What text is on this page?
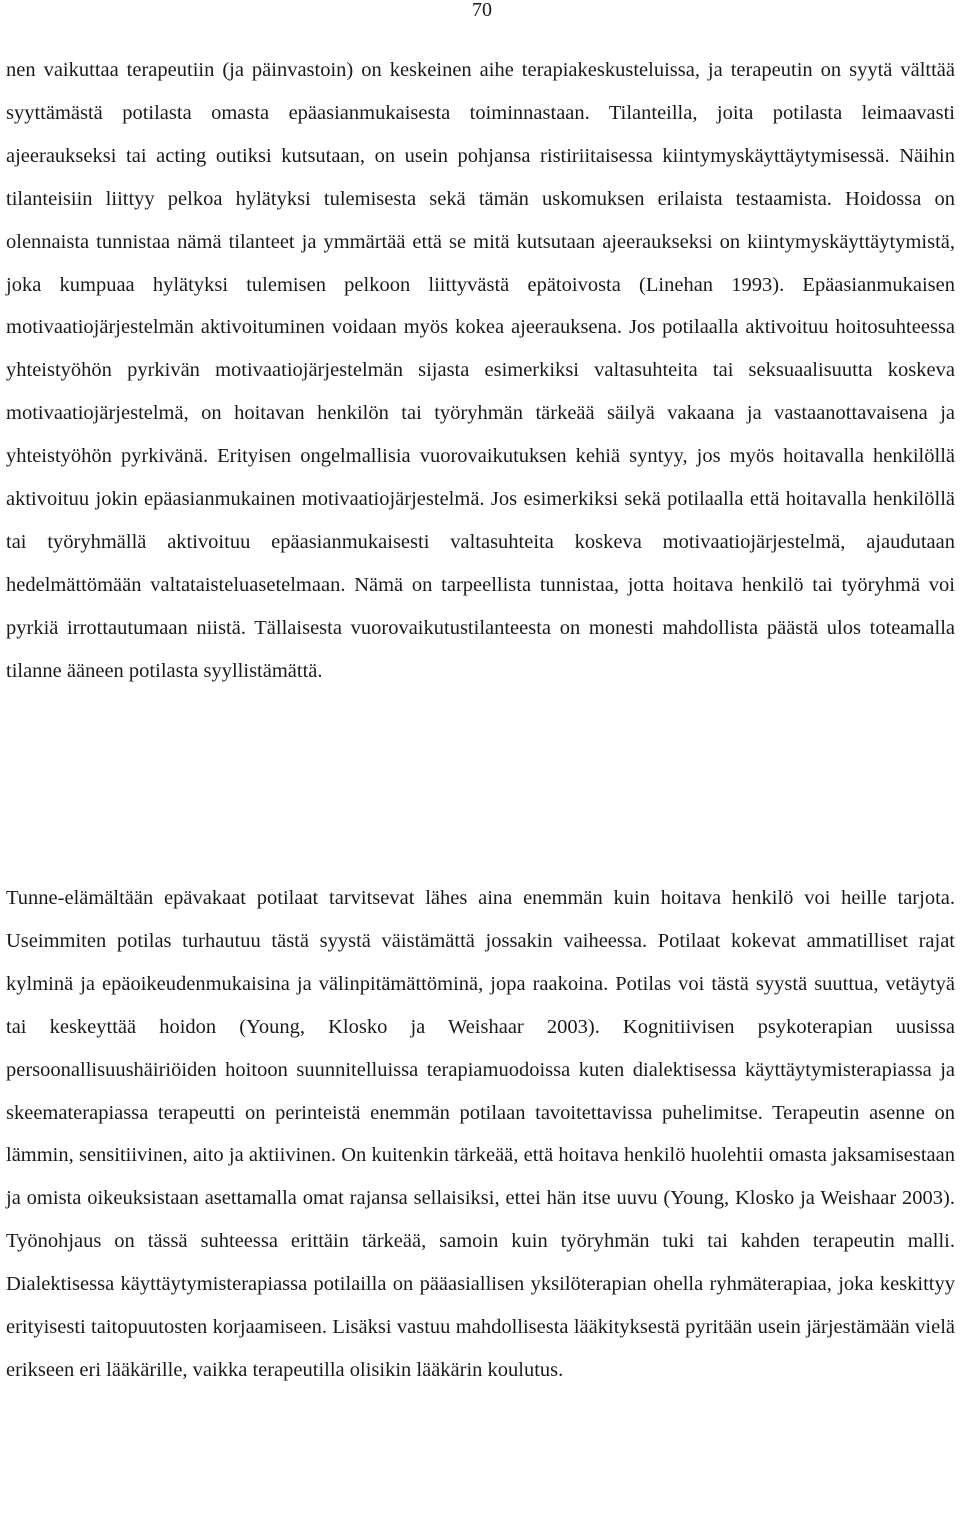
70

nen vaikuttaa terapeutiin (ja päinvastoin) on keskeinen aihe terapiakeskusteluissa, ja terapeutin on syytä välttää syyttämästä potilasta omasta epäasianmukaisesta toiminnastaan. Tilanteilla, joita potilasta leimaavasti ajeeraukseksi tai acting outiksi kutsutaan, on usein pohjansa ristiriitaisessa kiintymyskäyttäytymisessä. Näihin tilanteisiin liittyy pelkoa hylätyksi tulemisesta sekä tämän uskomuksen erilaista testaamista. Hoidossa on olennaista tunnistaa nämä tilanteet ja ymmärtää että se mitä kutsutaan ajeeraukseksi on kiintymyskäyttäytymistä, joka kumpuaa hylätyksi tulemisen pelkoon liittyvästä epätoivosta (Linehan 1993). Epäasianmukaisen motivaatiojärjestelmän aktivoituminen voidaan myös kokea ajeerauksena. Jos potilaalla aktivoituu hoitosuhteessa yhteistyöhön pyrkivän motivaatiojärjestelmän sijasta esimerkiksi valtasuhteita tai seksuaalisuutta koskeva motivaatiojärjestelmä, on hoitavan henkilön tai työryhmän tärkeää säilyä vakaana ja vastaanottavaisena ja yhteistyöhön pyrkivänä. Erityisen ongelmallisia vuorovaikutuksen kehiä syntyy, jos myös hoitavalla henkilöllä aktivoituu jokin epäasianmukainen motivaatiojärjestelmä. Jos esimerkiksi sekä potilaalla että hoitavalla henkilöllä tai työryhmällä aktivoituu epäasianmukaisesti valtasuhteita koskeva motivaatiojärjestelmä, ajaudutaan hedelmättömään valtataisteluasetelmaan. Nämä on tarpeellista tunnistaa, jotta hoitava henkilö tai työryhmä voi pyrkiä irrottautumaan niistä. Tällaisesta vuorovaikutustilanteesta on monesti mahdollista päästä ulos toteamalla tilanne ääneen potilasta syyllistämättä.

Tunne-elämältään epävakaat potilaat tarvitsevat lähes aina enemmän kuin hoitava henkilö voi heille tarjota. Useimmiten potilas turhautuu tästä syystä väistämättä jossakin vaiheessa. Potilaat kokevat ammatilliset rajat kylminä ja epäoikeudenmukaisina ja välinpitämättöminä, jopa raakoina. Potilas voi tästä syystä suuttua, vetäytyä tai keskeyttää hoidon (Young, Klosko ja Weishaar 2003). Kognitiivisen psykoterapian uusissa persoonallisuushäiriöiden hoitoon suunnitelluissa terapiamuodoissa kuten dialektisessa käyttäytymisterapiassa ja skeematerapiassa terapeutti on perinteistä enemmän potilaan tavoitettavissa puhelimitse. Terapeutin asenne on lämmin, sensitiivinen, aito ja aktiivinen. On kuitenkin tärkeää, että hoitava henkilö huolehtii omasta jaksamisestaan ja omista oikeuksistaan asettamalla omat rajansa sellaisiksi, ettei hän itse uuvu (Young, Klosko ja Weishaar 2003). Työnohjaus on tässä suhteessa erittäin tärkeää, samoin kuin työryhmän tuki tai kahden terapeutin malli. Dialektisessa käyttäytymisterapiassa potilailla on pääasiallisen yksilöterapian ohella ryhmäterapiaa, joka keskittyy erityisesti taitopuutosten korjaamiseen. Lisäksi vastuu mahdollisesta lääkityksestä pyritään usein järjestämään vielä erikseen eri lääkärille, vaikka terapeutilla olisikin lääkärin koulutus.
